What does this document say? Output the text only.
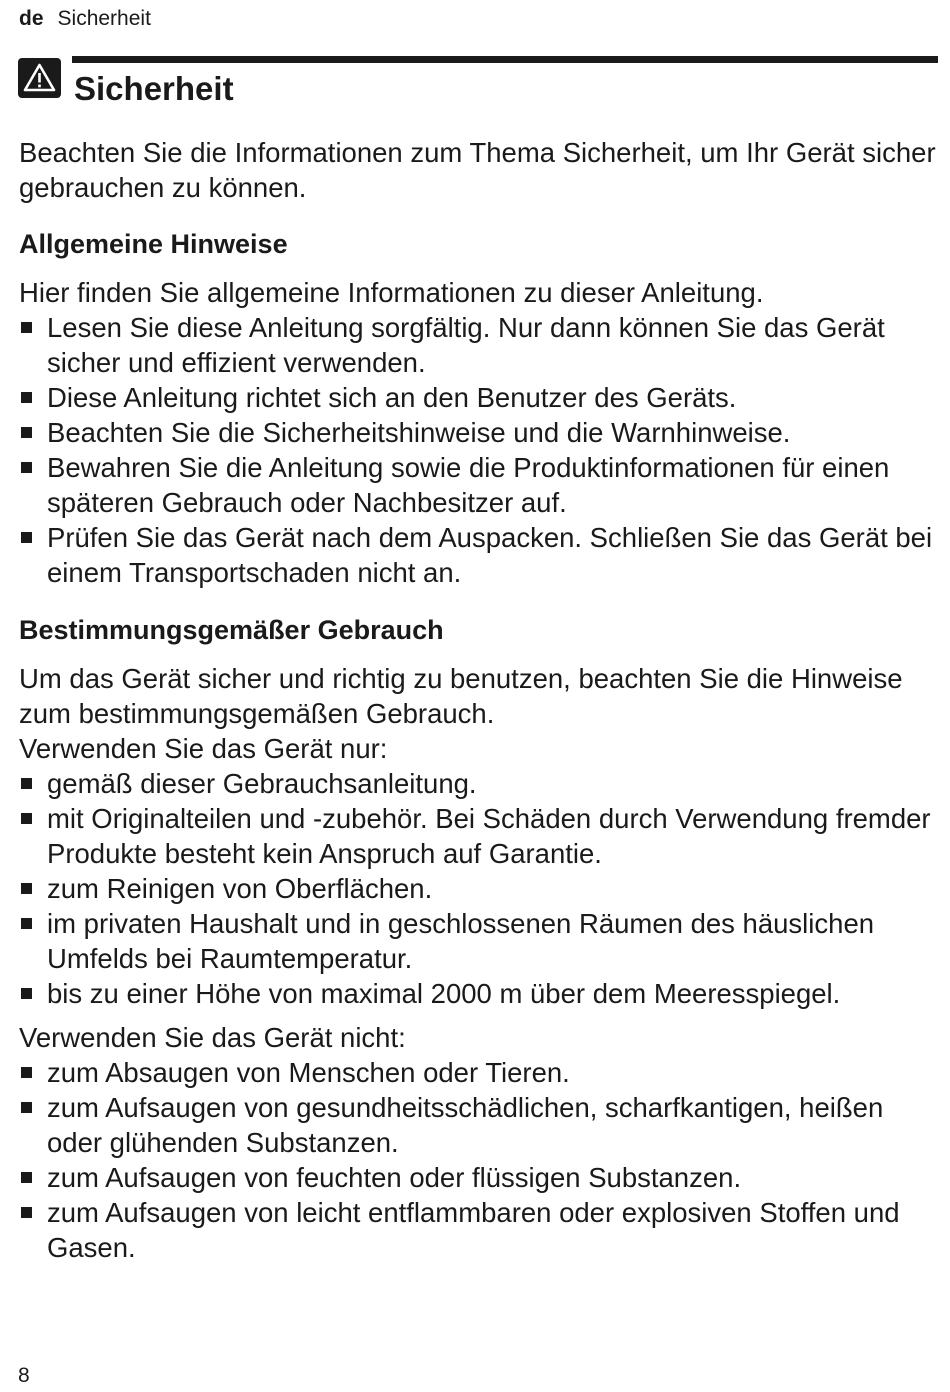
de Sicherheit
Sicherheit

Beachten Sie die Informationen zum Thema Sicherheit, um Ihr Gerät sicher gebrauchen zu können.

Allgemeine Hinweise

Hier finden Sie allgemeine Informationen zu dieser Anleitung.

Lesen Sie diese Anleitung sorgfältig. Nur dann können Sie das Gerät sicher und effizient verwenden.
Diese Anleitung richtet sich an den Benutzer des Geräts.
Beachten Sie die Sicherheitshinweise und die Warnhinweise.
Bewahren Sie die Anleitung sowie die Produktinformationen für einen späteren Gebrauch oder Nachbesitzer auf.
Prüfen Sie das Gerät nach dem Auspacken. Schließen Sie das Gerät bei einem Transportschaden nicht an.
Bestimmungsgemäßer Gebrauch

Um das Gerät sicher und richtig zu benutzen, beachten Sie die Hinweise zum bestimmungsgemäßen Gebrauch.

Verwenden Sie das Gerät nur:

gemäß dieser Gebrauchsanleitung.
mit Originalteilen und -zubehör. Bei Schäden durch Verwendung fremder Produkte besteht kein Anspruch auf Garantie.
zum Reinigen von Oberflächen.
im privaten Haushalt und in geschlossenen Räumen des häuslichen Umfelds bei Raumtemperatur.
bis zu einer Höhe von maximal 2000 m über dem Meeresspiegel.

Verwenden Sie das Gerät nicht:

zum Absaugen von Menschen oder Tieren.
zum Aufsaugen von gesundheitsschädlichen, scharfkantigen, heißen oder glühenden Substanzen.
zum Aufsaugen von feuchten oder flüssigen Substanzen.
zum Aufsaugen von leicht entflammbaren oder explosiven Stoffen und Gasen.
8
